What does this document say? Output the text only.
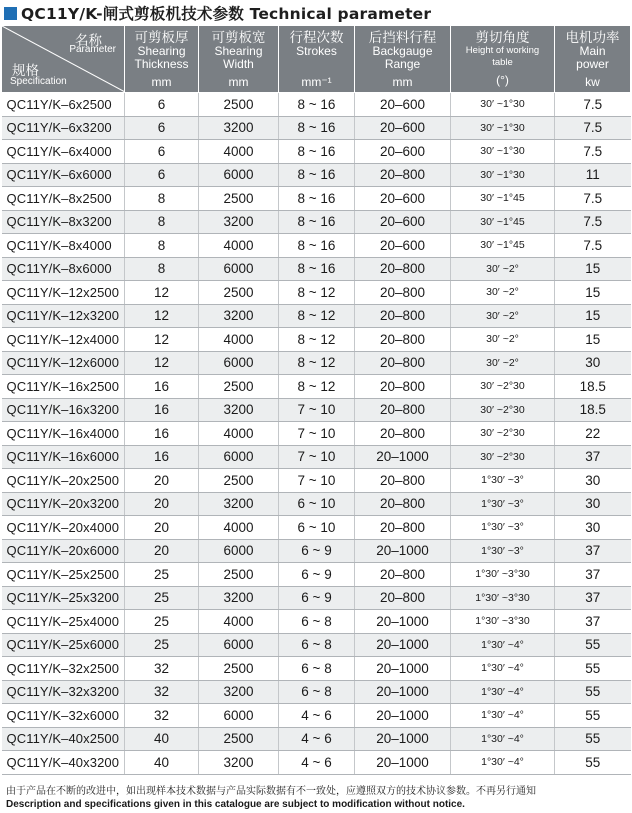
QC11Y/K-闸式剪板机技术参数 Technical parameter
名称
Parameter
规格
Specification	可剪板厚
Shearing
Thickness
mm	可剪板宽
Shearing
Width
mm	行程次数
Strokes
mm⁻¹	后挡料行程
Backgauge
Range
mm	剪切角度
Height of working
table
(°)	电机功率
Main
power
kw

QC11Y/K–6x2500	6	2500	8 ~ 16	20–600	30′ ~1°30	7.5
QC11Y/K–6x3200	6	3200	8 ~ 16	20–600	30′ ~1°30	7.5
QC11Y/K–6x4000	6	4000	8 ~ 16	20–600	30′ ~1°30	7.5
QC11Y/K–6x6000	6	6000	8 ~ 16	20–800	30′ ~1°30	11
QC11Y/K–8x2500	8	2500	8 ~ 16	20–600	30′ ~1°45	7.5
QC11Y/K–8x3200	8	3200	8 ~ 16	20–600	30′ ~1°45	7.5
QC11Y/K–8x4000	8	4000	8 ~ 16	20–600	30′ ~1°45	7.5
QC11Y/K–8x6000	8	6000	8 ~ 16	20–800	30′ ~2°	15
QC11Y/K–12x2500	12	2500	8 ~ 12	20–800	30′ ~2°	15
QC11Y/K–12x3200	12	3200	8 ~ 12	20–800	30′ ~2°	15
QC11Y/K–12x4000	12	4000	8 ~ 12	20–800	30′ ~2°	15
QC11Y/K–12x6000	12	6000	8 ~ 12	20–800	30′ ~2°	30
QC11Y/K–16x2500	16	2500	8 ~ 12	20–800	30′ ~2°30	18.5
QC11Y/K–16x3200	16	3200	7 ~ 10	20–800	30′ ~2°30	18.5
QC11Y/K–16x4000	16	4000	7 ~ 10	20–800	30′ ~2°30	22
QC11Y/K–16x6000	16	6000	7 ~ 10	20–1000	30′ ~2°30	37
QC11Y/K–20x2500	20	2500	7 ~ 10	20–800	1°30′ ~3°	30
QC11Y/K–20x3200	20	3200	6 ~ 10	20–800	1°30′ ~3°	30
QC11Y/K–20x4000	20	4000	6 ~ 10	20–800	1°30′ ~3°	30
QC11Y/K–20x6000	20	6000	6 ~ 9	20–1000	1°30′ ~3°	37
QC11Y/K–25x2500	25	2500	6 ~ 9	20–800	1°30′ ~3°30	37
QC11Y/K–25x3200	25	3200	6 ~ 9	20–800	1°30′ ~3°30	37
QC11Y/K–25x4000	25	4000	6 ~ 8	20–1000	1°30′ ~3°30	37
QC11Y/K–25x6000	25	6000	6 ~ 8	20–1000	1°30′ ~4°	55
QC11Y/K–32x2500	32	2500	6 ~ 8	20–1000	1°30′ ~4°	55
QC11Y/K–32x3200	32	3200	6 ~ 8	20–1000	1°30′ ~4°	55
QC11Y/K–32x6000	32	6000	4 ~ 6	20–1000	1°30′ ~4°	55
QC11Y/K–40x2500	40	2500	4 ~ 6	20–1000	1°30′ ~4°	55
QC11Y/K–40x3200	40	3200	4 ~ 6	20–1000	1°30′ ~4°	55
由于产品在不断的改进中，如出现样本技术数据与产品实际数据有不一致处，应遵照双方的技术协议参数。不再另行通知
Description and specifications given in this catalogue are subject to modification without notice.
